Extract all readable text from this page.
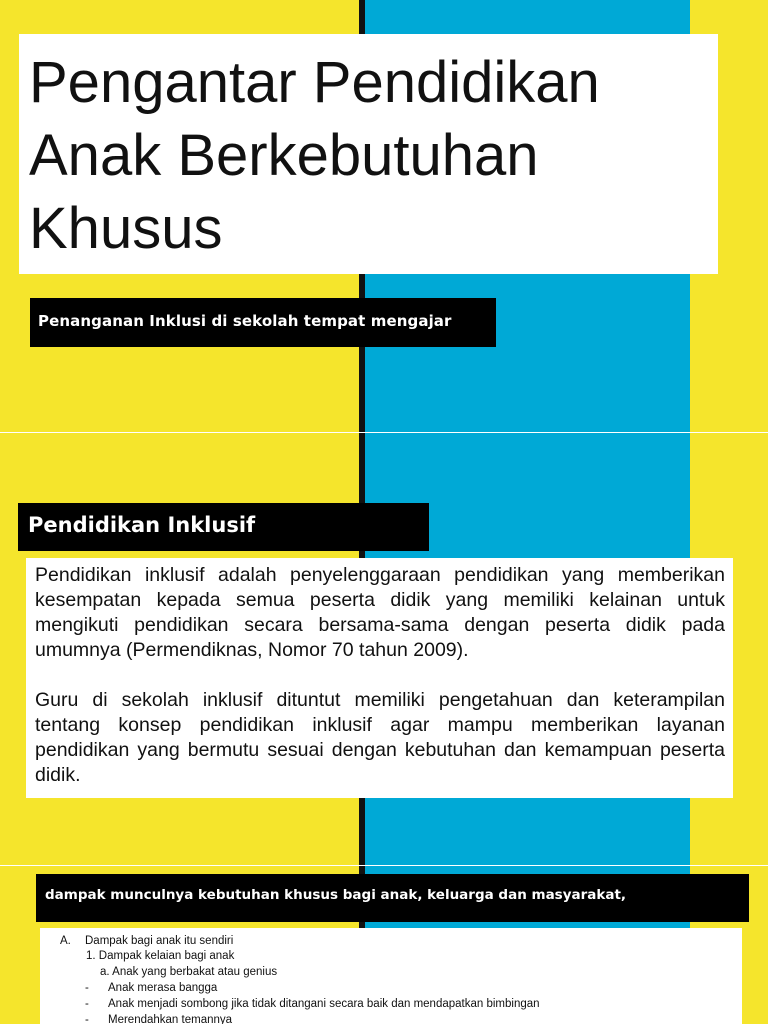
Pengantar Pendidikan
Anak Berkebutuhan
Khusus
Penanganan Inklusi di sekolah tempat mengajar
Pendidikan Inklusif

Pendidikan inklusif adalah penyelenggaraan pendidikan yang memberikan kesempatan kepada semua peserta didik yang memiliki kelainan untuk mengikuti pendidikan secara bersama-sama dengan peserta didik pada umumnya (Permendiknas, Nomor 70 tahun 2009).

Guru di sekolah inklusif dituntut memiliki pengetahuan dan keterampilan tentang konsep pendidikan inklusif agar mampu memberikan layanan pendidikan yang bermutu sesuai dengan kebutuhan dan kemampuan peserta didik.

dampak munculnya kebutuhan khusus bagi anak, keluarga dan masyarakat,
A. Dampak bagi anak itu sendiri
1. Dampak kelaian bagi anak
a. Anak yang berbakat atau genius
- Anak merasa bangga
- Anak menjadi sombong jika tidak ditangani secara baik dan mendapatkan bimbingan
- Merendahkan temannya
